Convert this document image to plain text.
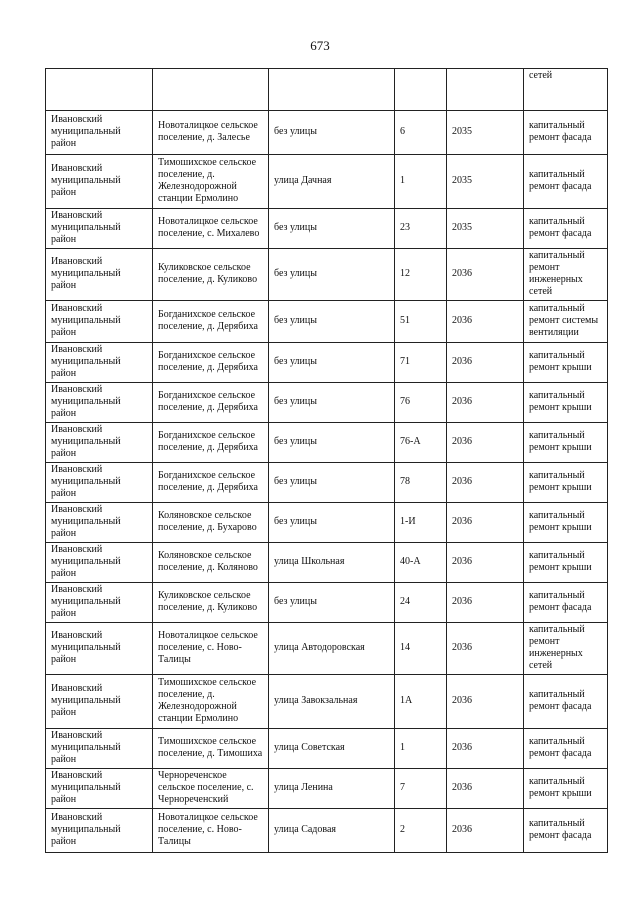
673
					сетей
Ивановский муниципальный район	Новоталицкое сельское поселение, д. Залесье	без улицы	6	2035	капитальный ремонт фасада
Ивановский муниципальный район	Тимошихское сельское поселение, д. Железнодорожной станции Ермолино	улица Дачная	1	2035	капитальный ремонт фасада
Ивановский муниципальный район	Новоталицкое сельское поселение, с. Михалево	без улицы	23	2035	капитальный ремонт фасада
Ивановский муниципальный район	Куликовское сельское поселение, д. Куликово	без улицы	12	2036	капитальный ремонт инженерных сетей
Ивановский муниципальный район	Богданихское сельское поселение, д. Дерябиха	без улицы	51	2036	капитальный ремонт системы вентиляции
Ивановский муниципальный район	Богданихское сельское поселение, д. Дерябиха	без улицы	71	2036	капитальный ремонт крыши
Ивановский муниципальный район	Богданихское сельское поселение, д. Дерябиха	без улицы	76	2036	капитальный ремонт крыши
Ивановский муниципальный район	Богданихское сельское поселение, д. Дерябиха	без улицы	76-А	2036	капитальный ремонт крыши
Ивановский муниципальный район	Богданихское сельское поселение, д. Дерябиха	без улицы	78	2036	капитальный ремонт крыши
Ивановский муниципальный район	Коляновское сельское поселение, д. Бухарово	без улицы	1-И	2036	капитальный ремонт крыши
Ивановский муниципальный район	Коляновское сельское поселение, д. Коляново	улица Школьная	40-А	2036	капитальный ремонт крыши
Ивановский муниципальный район	Куликовское сельское поселение, д. Куликово	без улицы	24	2036	капитальный ремонт фасада
Ивановский муниципальный район	Новоталицкое сельское поселение, с. Ново-Талицы	улица Автодоровская	14	2036	капитальный ремонт инженерных сетей
Ивановский муниципальный район	Тимошихское сельское поселение, д. Железнодорожной станции Ермолино	улица Завокзальная	1А	2036	капитальный ремонт фасада
Ивановский муниципальный район	Тимошихское сельское поселение, д. Тимошиха	улица Советская	1	2036	капитальный ремонт фасада
Ивановский муниципальный район	Чернореченское сельское поселение, с. Чернореченский	улица Ленина	7	2036	капитальный ремонт крыши
Ивановский муниципальный район	Новоталицкое сельское поселение, с. Ново-Талицы	улица Садовая	2	2036	капитальный ремонт фасада
